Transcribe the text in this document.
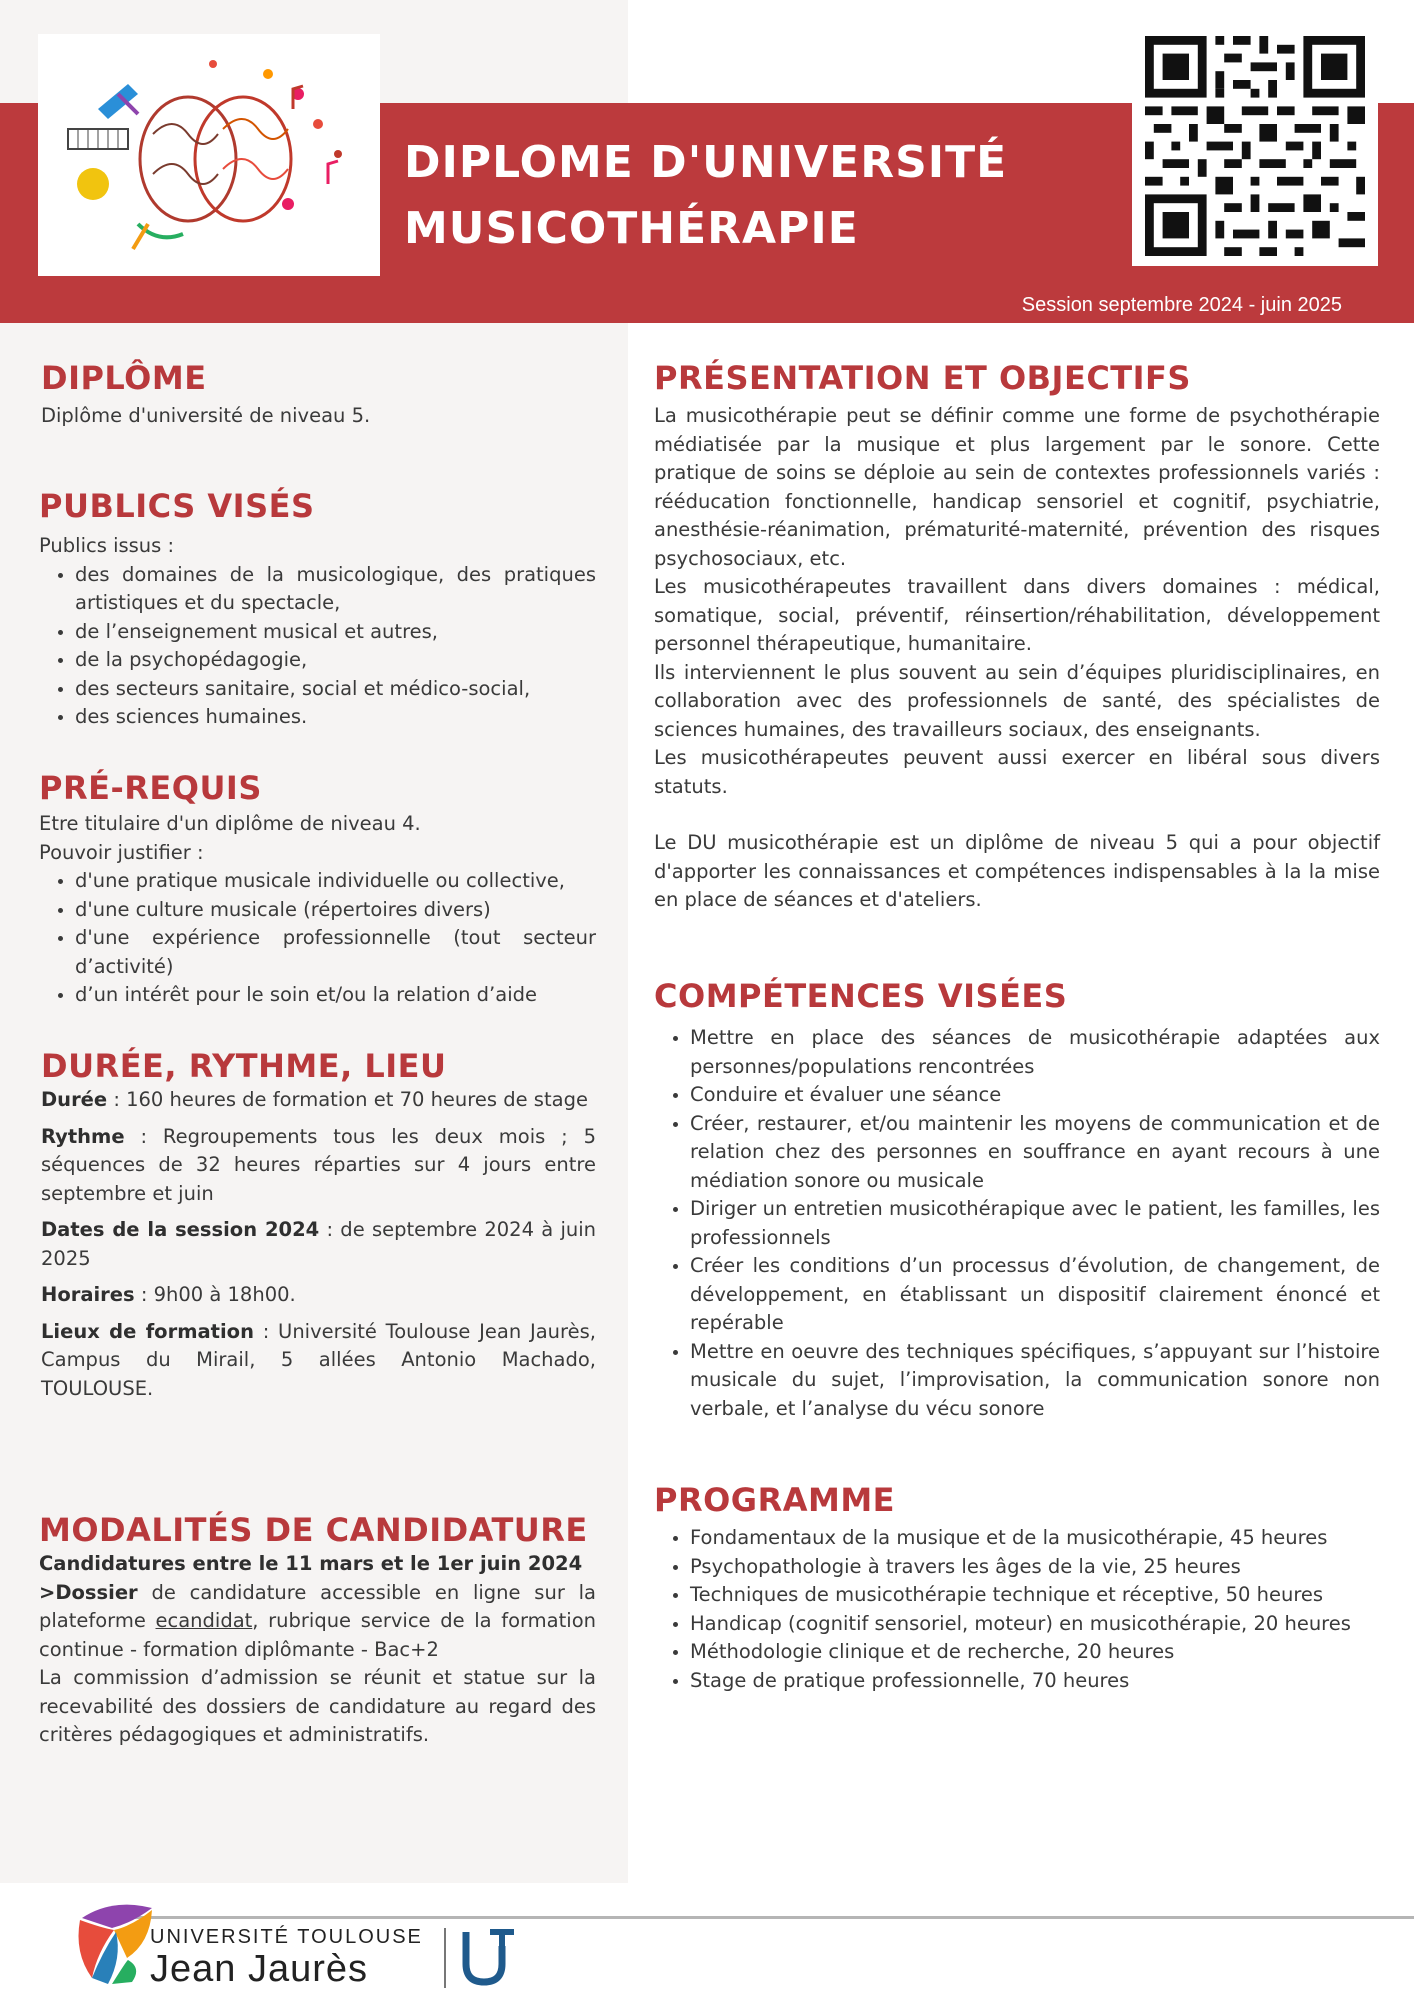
DIPLOME D'UNIVERSITÉ
MUSICOTHÉRAPIE
Session septembre 2024 - juin 2025
DIPLÔME

Diplôme d'université de niveau 5.

PUBLICS VISÉS

Publics issus :

• des domaines de la musicologique, des pratiques artistiques et du spectacle,
• de l’enseignement musical et autres,
• de la psychopédagogie,
• des secteurs sanitaire, social et médico-social,
• des sciences humaines.
PRÉ-REQUIS

Etre titulaire d'un diplôme de niveau 4.

Pouvoir justifier :

• d'une pratique musicale individuelle ou collective,
• d'une culture musicale (répertoires divers)
• d'une expérience professionnelle (tout secteur d’activité)
• d’un intérêt pour le soin et/ou la relation d’aide
DURÉE, RYTHME, LIEU

Durée : 160 heures de formation et 70 heures de stage

Rythme : Regroupements tous les deux mois ; 5 séquences de 32 heures réparties sur 4 jours entre septembre et juin

Dates de la session 2024 : de septembre 2024 à juin 2025

Horaires : 9h00 à 18h00.

Lieux de formation : Université Toulouse Jean Jaurès, Campus du Mirail, 5 allées Antonio Machado, TOULOUSE.

MODALITÉS DE CANDIDATURE

Candidatures entre le 11 mars et le 1er juin 2024

>Dossier de candidature accessible en ligne sur la plateforme ecandidat, rubrique service de la formation continue - formation diplômante - Bac+2

La commission d’admission se réunit et statue sur la recevabilité des dossiers de candidature au regard des critères pédagogiques et administratifs.

PRÉSENTATION ET OBJECTIFS

La musicothérapie peut se définir comme une forme de psychothérapie médiatisée par la musique et plus largement par le sonore. Cette pratique de soins se déploie au sein de contextes professionnels variés : rééducation fonctionnelle, handicap sensoriel et cognitif, psychiatrie, anesthésie-réanimation, prématurité-maternité, prévention des risques psychosociaux, etc.

Les musicothérapeutes travaillent dans divers domaines : médical, somatique, social, préventif, réinsertion/réhabilitation, développement personnel thérapeutique, humanitaire.

Ils interviennent le plus souvent au sein d’équipes pluridisciplinaires, en collaboration avec des professionnels de santé, des spécialistes de sciences humaines, des travailleurs sociaux, des enseignants.

Les musicothérapeutes peuvent aussi exercer en libéral sous divers statuts.

Le DU musicothérapie est un diplôme de niveau 5 qui a pour objectif d'apporter les connaissances et compétences indispensables à la la mise en place de séances et d'ateliers.

COMPÉTENCES VISÉES
• Mettre en place des séances de musicothérapie adaptées aux personnes/populations rencontrées
• Conduire et évaluer une séance
• Créer, restaurer, et/ou maintenir les moyens de communication et de relation chez des personnes en souffrance en ayant recours à une médiation sonore ou musicale
• Diriger un entretien musicothérapique avec le patient, les familles, les professionnels
• Créer les conditions d’un processus d’évolution, de changement, de développement, en établissant un dispositif clairement énoncé et repérable
• Mettre en oeuvre des techniques spécifiques, s’appuyant sur l’histoire musicale du sujet, l’improvisation, la communication sonore non verbale, et l’analyse du vécu sonore
PROGRAMME
• Fondamentaux de la musique et de la musicothérapie, 45 heures
• Psychopathologie à travers les âges de la vie, 25 heures
• Techniques de musicothérapie technique et réceptive, 50 heures
• Handicap (cognitif sensoriel, moteur) en musicothérapie, 20 heures
• Méthodologie clinique et de recherche, 20 heures
• Stage de pratique professionnelle, 70 heures
UNIVERSITÉ TOULOUSE
Jean Jaurès
